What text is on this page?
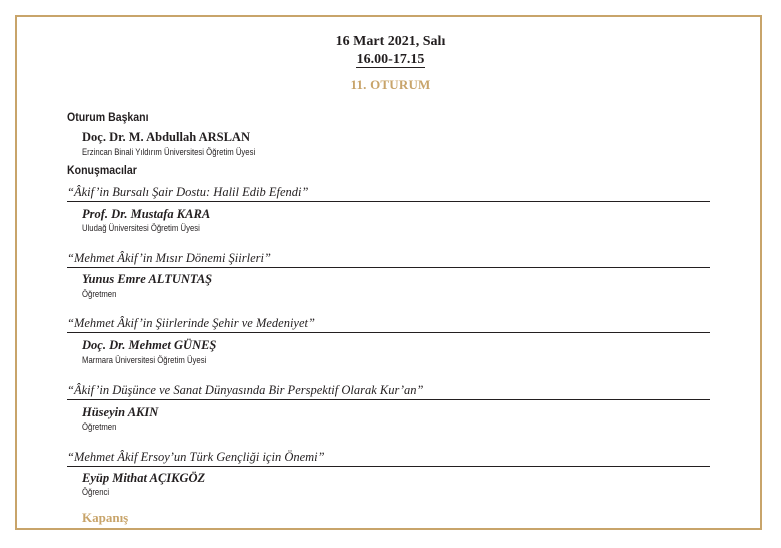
16 Mart 2021, Salı
16.00-17.15
11. OTURUM
Oturum Başkanı
Doç. Dr. M. Abdullah ARSLAN
Erzincan Binali Yıldırım Üniversitesi Öğretim Üyesi
Konuşmacılar
“Âkif’in Bursalı Şair Dostu: Halil Edib Efendi”
Prof. Dr. Mustafa KARA
Uludağ Üniversitesi Öğretim Üyesi
“Mehmet Âkif’in Mısır Dönemi Şiirleri”
Yunus Emre ALTUNTAŞ
Öğretmen
“Mehmet Âkif’in Şiirlerinde Şehir ve Medeniyet”
Doç. Dr. Mehmet GÜNEŞ
Marmara Üniversitesi Öğretim Üyesi
“Âkif’in Düşünce ve Sanat Dünyasında Bir Perspektif Olarak Kur’an”
Hüseyin AKIN
Öğretmen
“Mehmet Âkif Ersoy’un Türk Gençliği için Önemi”
Eyüp Mithat AÇIKGÖZ
Öğrenci
Kapanış
